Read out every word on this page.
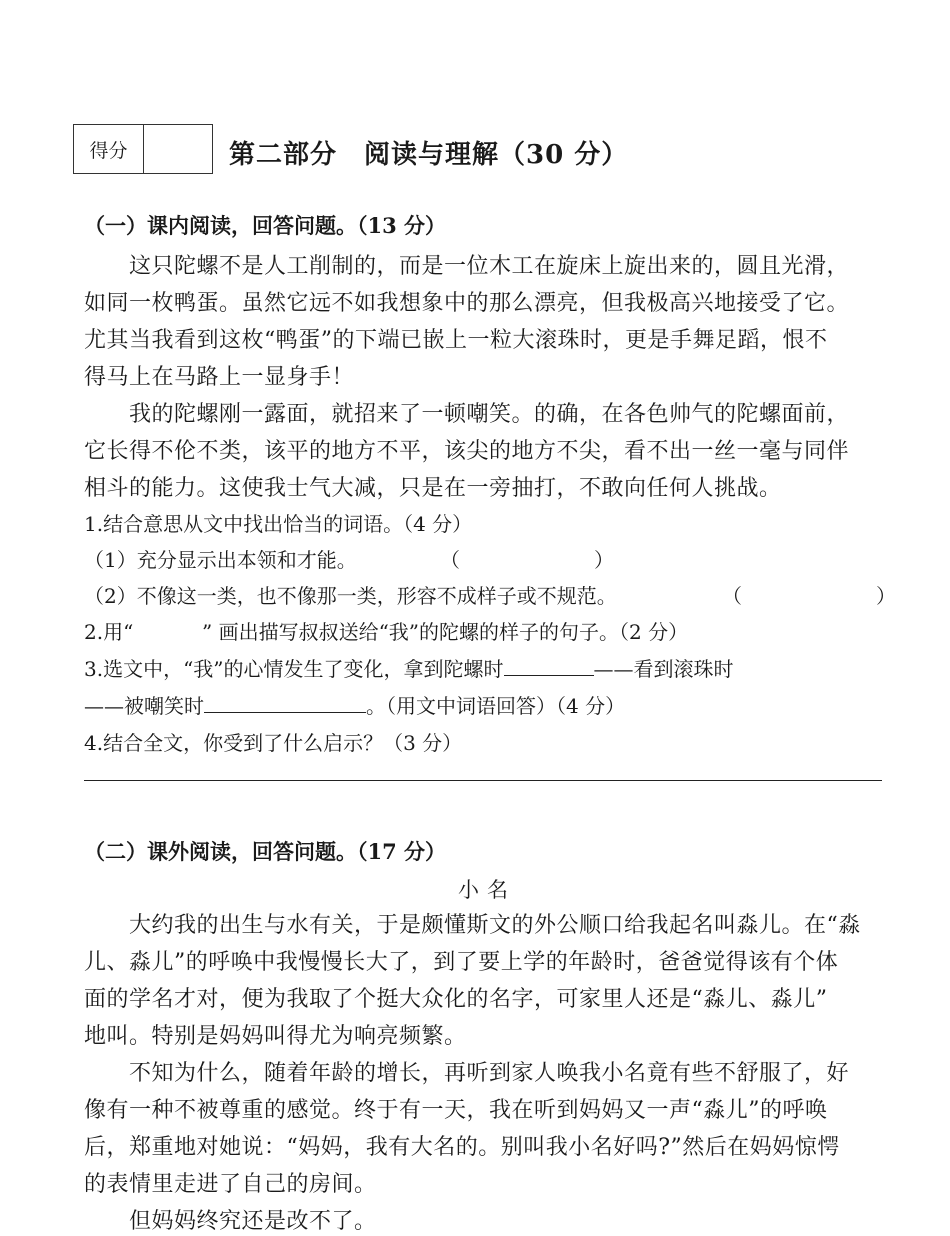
得分	第二部分　阅读与理解（30 分）
（一）课内阅读，回答问题。（13 分）
这只陀螺不是人工削制的，而是一位木工在旋床上旋出来的，圆且光滑，
如同一枚鸭蛋。虽然它远不如我想象中的那么漂亮，但我极高兴地接受了它。
尤其当我看到这枚“鸭蛋”的下端已嵌上一粒大滚珠时，更是手舞足蹈，恨不
得马上在马路上一显身手！
我的陀螺刚一露面，就招来了一顿嘲笑。的确，在各色帅气的陀螺面前，
它长得不伦不类，该平的地方不平，该尖的地方不尖，看不出一丝一毫与同伴
相斗的能力。这使我士气大减，只是在一旁抽打，不敢向任何人挑战。
1.结合意思从文中找出恰当的词语。（4 分）
（1）充分显示出本领和才能。	（	）
（2）不像这一类，也不像那一类，形容不成样子或不规范。	（	）
2.用“	” 画出描写叔叔送给“我”的陀螺的样子的句子。（2 分）
3.选文中，“我”的心情发生了变化，拿到陀螺时	——看到滚珠时
——被嘲笑时	。（用文中词语回答）（4 分）
4.结合全文，你受到了什么启示？（3 分）
（二）课外阅读，回答问题。（17 分）
小名
大约我的出生与水有关，于是颇懂斯文的外公顺口给我起名叫淼儿。在“淼
儿、淼儿”的呼唤中我慢慢长大了，到了要上学的年龄时，爸爸觉得该有个体
面的学名才对，便为我取了个挺大众化的名字，可家里人还是“淼儿、淼儿”
地叫。特别是妈妈叫得尤为响亮频繁。
不知为什么，随着年龄的增长，再听到家人唤我小名竟有些不舒服了，好
像有一种不被尊重的感觉。终于有一天，我在听到妈妈又一声“淼儿”的呼唤
后，郑重地对她说：“妈妈，我有大名的。别叫我小名好吗?”然后在妈妈惊愕
的表情里走进了自己的房间。
但妈妈终究还是改不了。
